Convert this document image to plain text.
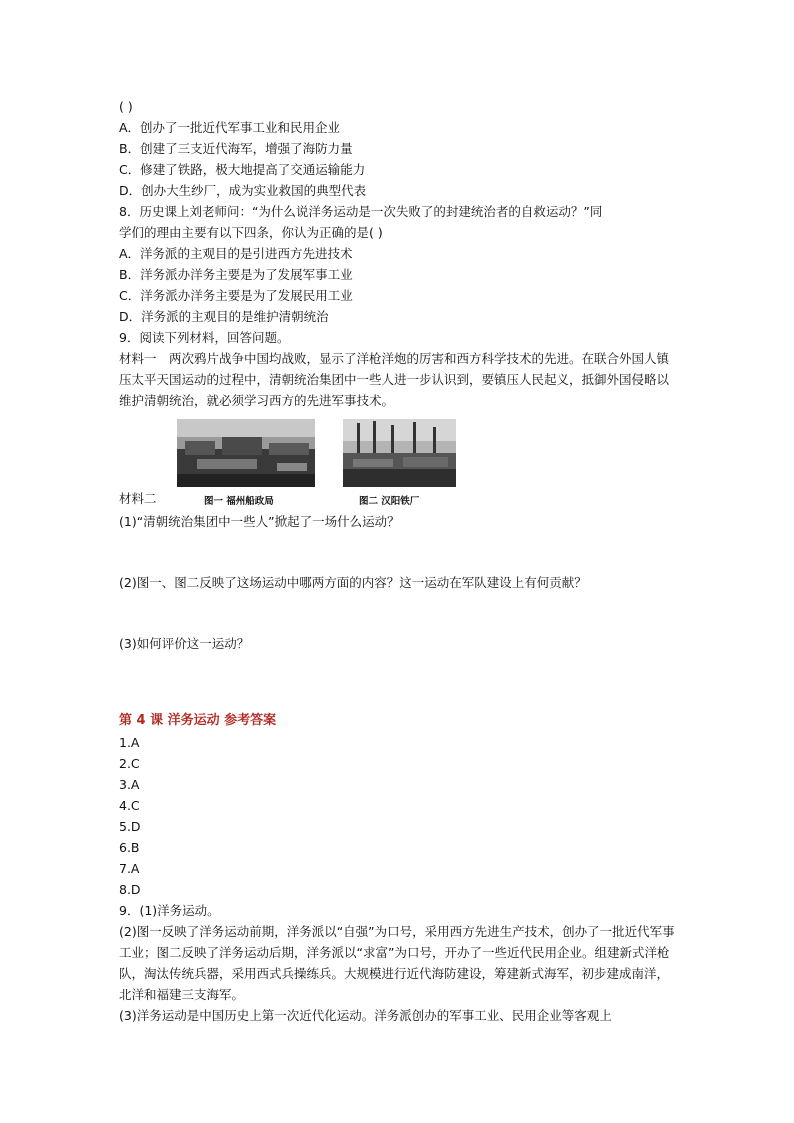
( )
A．创办了一批近代军事工业和民用企业
B．创建了三支近代海军，增强了海防力量
C．修建了铁路，极大地提高了交通运输能力
D．创办大生纱厂，成为实业救国的典型代表
8．历史课上刘老师问：“为什么说洋务运动是一次失败了的封建统治者的自救运动？”同
学们的理由主要有以下四条，你认为正确的是( )
A．洋务派的主观目的是引进西方先进技术
B．洋务派办洋务主要是为了发展军事工业
C．洋务派办洋务主要是为了发展民用工业
D．洋务派的主观目的是维护清朝统治
9．阅读下列材料，回答问题。
材料一　两次鸦片战争中国均战败，显示了洋枪洋炮的厉害和西方科学技术的先进。在联合外国人镇压太平天国运动的过程中，清朝统治集团中一些人进一步认识到，要镇压人民起义，抵御外国侵略以维护清朝统治，就必须学习西方的先进军事技术。
材料二	图一 福州船政局	图二 汉阳铁厂
(1)“清朝统治集团中一些人”掀起了一场什么运动？
(2)图一、图二反映了这场运动中哪两方面的内容？这一运动在军队建设上有何贡献？
(3)如何评价这一运动？
第 4 课 洋务运动 参考答案
1.A
2.C
3.A
4.C
5.D
6.B
7.A
8.D
9．(1)洋务运动。
(2)图一反映了洋务运动前期，洋务派以“自强”为口号，采用西方先进生产技术，创办了一批近代军事工业；图二反映了洋务运动后期，洋务派以“求富”为口号，开办了一些近代民用企业。组建新式洋枪队，淘汰传统兵器，采用西式兵操练兵。大规模进行近代海防建设，筹建新式海军，初步建成南洋，北洋和福建三支海军。
(3)洋务运动是中国历史上第一次近代化运动。洋务派创办的军事工业、民用企业等客观上
